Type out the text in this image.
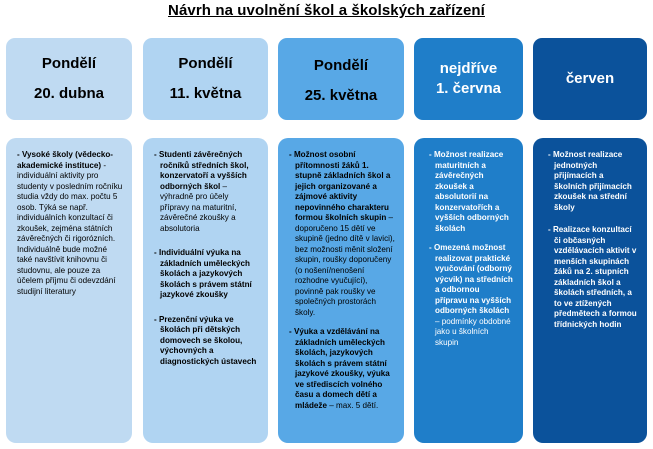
Návrh na uvolnění škol a školských zařízení
Pondělí
20. dubna
Pondělí
11. května
Pondělí
25. května
nejdříve
1. června
červen
- Vysoké školy (vědecko-akademické instituce) - individuální aktivity pro studenty v posledním ročníku studia vždy do max. počtu 5 osob. Týká se např. individuálních konzultací či zkoušek, zejména státních závěrečných či rigorózních. Individuálně bude možné také navštívit knihovnu či studovnu, ale pouze za účelem příjmu či odevzdání studijní literatury
- Studenti závěrečných ročníků středních škol, konzervatoří a vyšších odborných škol – výhradně pro účely přípravy na maturitní, závěrečné zkoušky a absolutoria
- Individuální výuka na základních uměleckých školách a jazykových školách s právem státní jazykové zkoušky
- Prezenční výuka ve školách při dětských domovech se školou, výchovných a diagnostických ústavech
- Možnost osobní přítomnosti žáků 1. stupně základních škol a jejich organizované a zájmové aktivity nepovinného charakteru formou školních skupin – doporučeno 15 dětí ve skupině (jedno dítě v lavici), bez možnosti měnit složení skupin, roušky doporučeny (o nošení/nenošení rozhodne vyučující), povinně pak roušky ve společných prostorách školy.
- Výuka a vzdělávání na základních uměleckých školách, jazykových školách s právem státní jazykové zkoušky, výuka ve střediscích volného času a domech dětí a mládeže – max. 5 dětí.
- Možnost realizace maturitních a závěrečných zkoušek a absolutorií na konzervatořích a vyšších odborných školách
- Omezená možnost realizovat praktické vyučování (odborný výcvik) na středních a odbornou přípravu na vyšších odborných školách – podmínky obdobné jako u školních skupin
- Možnost realizace jednotných přijímacích a školních přijímacích zkoušek na střední školy
- Realizace konzultací či občasných vzdělávacích aktivit v menších skupinách žáků na 2. stupních základních škol a školách středních, a to ve ztížených předmětech a formou třídnických hodin
